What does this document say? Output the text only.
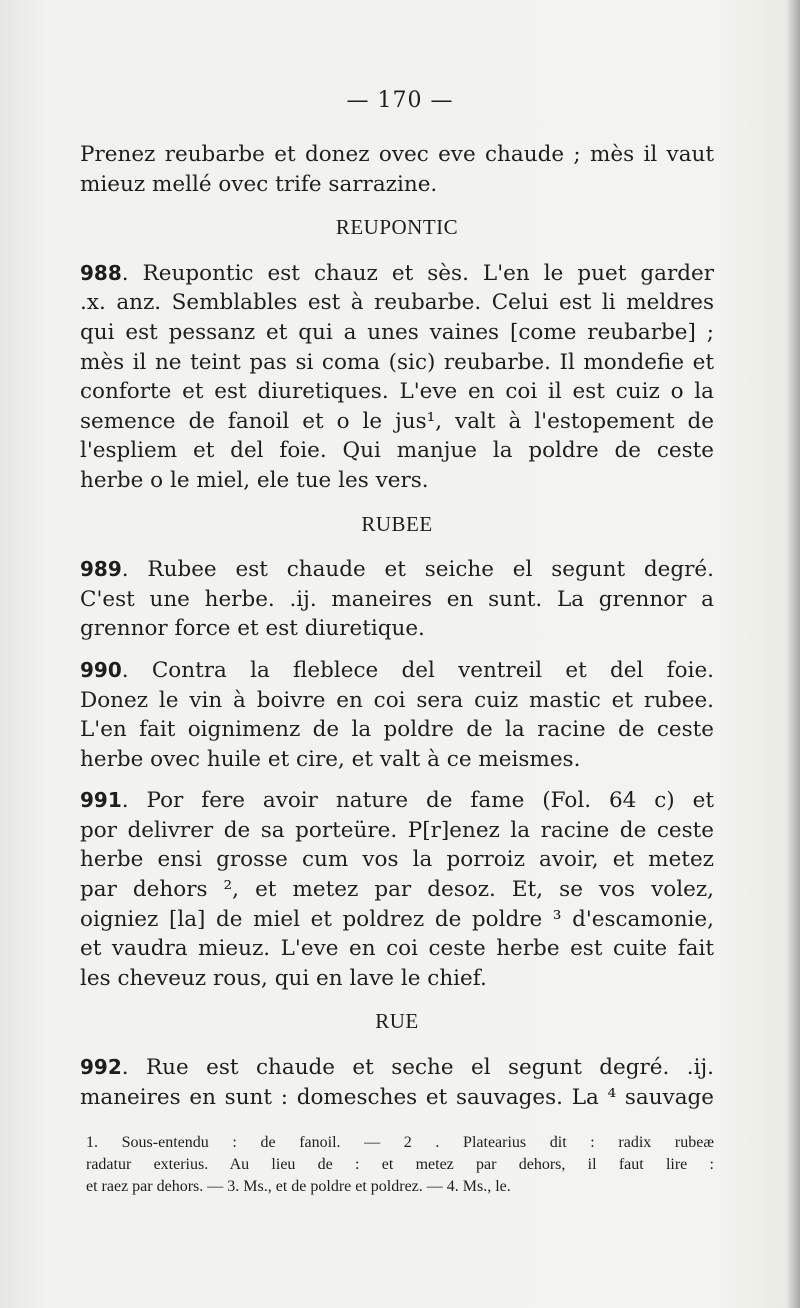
— 170 —

Prenez reubarbe et donez ovec eve chaude ; mès il vaut

mieuz mellé ovec trife sarrazine.

REUPONTIC

988. Reupontic est chauz et sès. L'en le puet garder

.x. anz. Semblables est à reubarbe. Celui est li meldres

qui est pessanz et qui a unes vaines [come reubarbe] ;

mès il ne teint pas si coma (sic) reubarbe. Il mondefie et

conforte et est diuretiques. L'eve en coi il est cuiz o la

semence de fanoil et o le jus¹, valt à l'estopement de

l'espliem et del foie. Qui manjue la poldre de ceste

herbe o le miel, ele tue les vers.

RUBEE

989. Rubee est chaude et seiche el segunt degré.

C'est une herbe. .ij. maneires en sunt. La grennor a

grennor force et est diuretique.

990. Contra la fleblece del ventreil et del foie.

Donez le vin à boivre en coi sera cuiz mastic et rubee.

L'en fait oignimenz de la poldre de la racine de ceste

herbe ovec huile et cire, et valt à ce meismes.

991. Por fere avoir nature de fame (Fol. 64 c) et

por delivrer de sa porteüre. P[r]enez la racine de ceste

herbe ensi grosse cum vos la porroiz avoir, et metez

par dehors ², et metez par desoz. Et, se vos volez,

oigniez [la] de miel et poldrez de poldre ³ d'escamonie,

et vaudra mieuz. L'eve en coi ceste herbe est cuite fait

les cheveuz rous, qui en lave le chief.

RUE

992. Rue est chaude et seche el segunt degré. .ij.

maneires en sunt : domesches et sauvages. La ⁴ sauvage

1. Sous-entendu : de fanoil. — 2 . Platearius dit : radix rubeæ
radatur exterius. Au lieu de : et metez par dehors, il faut lire :
et raez par dehors. — 3. Ms., et de poldre et poldrez. — 4. Ms., le.
